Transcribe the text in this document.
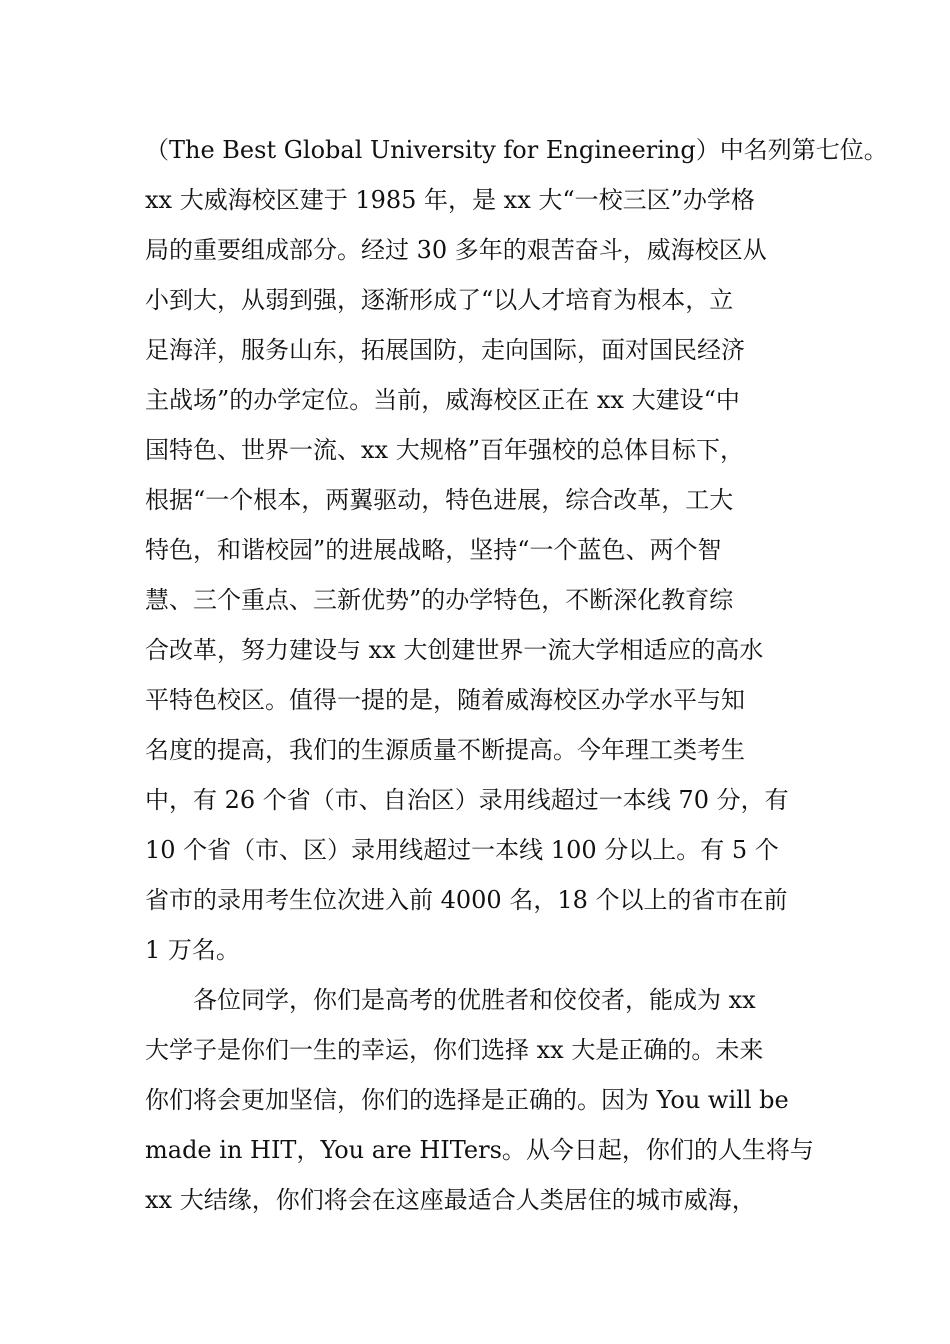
（The Best Global University for Engineering）中名列第七位。
xx 大威海校区建于 1985 年，是 xx 大“一校三区”办学格
局的重要组成部分。经过 30 多年的艰苦奋斗，威海校区从
小到大，从弱到强，逐渐形成了“以人才培育为根本，立
足海洋，服务山东，拓展国防，走向国际，面对国民经济
主战场”的办学定位。当前，威海校区正在 xx 大建设“中
国特色、世界一流、xx 大规格”百年强校的总体目标下，
根据“一个根本，两翼驱动，特色进展，综合改革，工大
特色，和谐校园”的进展战略，坚持“一个蓝色、两个智
慧、三个重点、三新优势”的办学特色，不断深化教育综
合改革，努力建设与 xx 大创建世界一流大学相适应的高水
平特色校区。值得一提的是，随着威海校区办学水平与知
名度的提高，我们的生源质量不断提高。今年理工类考生
中，有 26 个省（市、自治区）录用线超过一本线 70 分，有
10 个省（市、区）录用线超过一本线 100 分以上。有 5 个
省市的录用考生位次进入前 4000 名，18 个以上的省市在前
1 万名。
各位同学，你们是高考的优胜者和佼佼者，能成为 xx
大学子是你们一生的幸运，你们选择 xx 大是正确的。未来
你们将会更加坚信，你们的选择是正确的。因为 You will be
made in HIT，You are HITers。从今日起，你们的人生将与
xx 大结缘，你们将会在这座最适合人类居住的城市威海，
